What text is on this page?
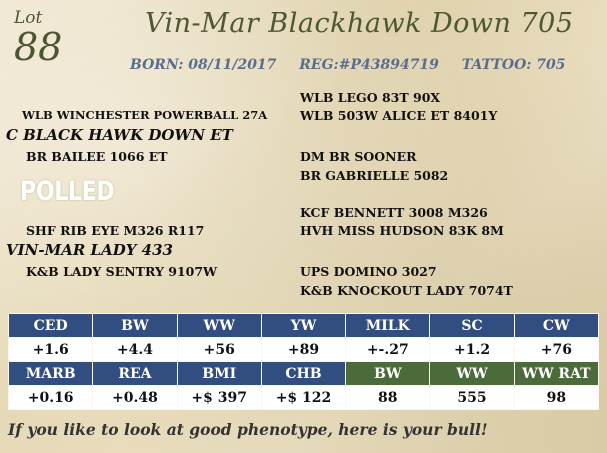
Lot
88
Vin-Mar Blackhawk Down 705
BORN: 08/11/2017 REG:#P43894719 TATTOO: 705
WLB LEGO 83T 90X
WLB WINCHESTER POWERBALL 27A	WLB 503W ALICE ET 8401Y
C BLACK HAWK DOWN ET
BR BAILEE 1066 ET	DM BR SOONER
BR GABRIELLE 5082
POLLED
KCF BENNETT 3008 M326
SHF RIB EYE M326 R117	HVH MISS HUDSON 83K 8M
VIN-MAR LADY 433
K&B LADY SENTRY 9107W	UPS DOMINO 3027
K&B KNOCKOUT LADY 7074T
CED	BW	WW	YW	MILK	SC	CW
+1.6	+4.4	+56	+89	+-.27	+1.2	+76
MARB	REA	BMI	CHB	BW	WW	WW RAT
+0.16	+0.48	+$ 397	+$ 122	88	555	98
If you like to look at good phenotype, here is your bull!
